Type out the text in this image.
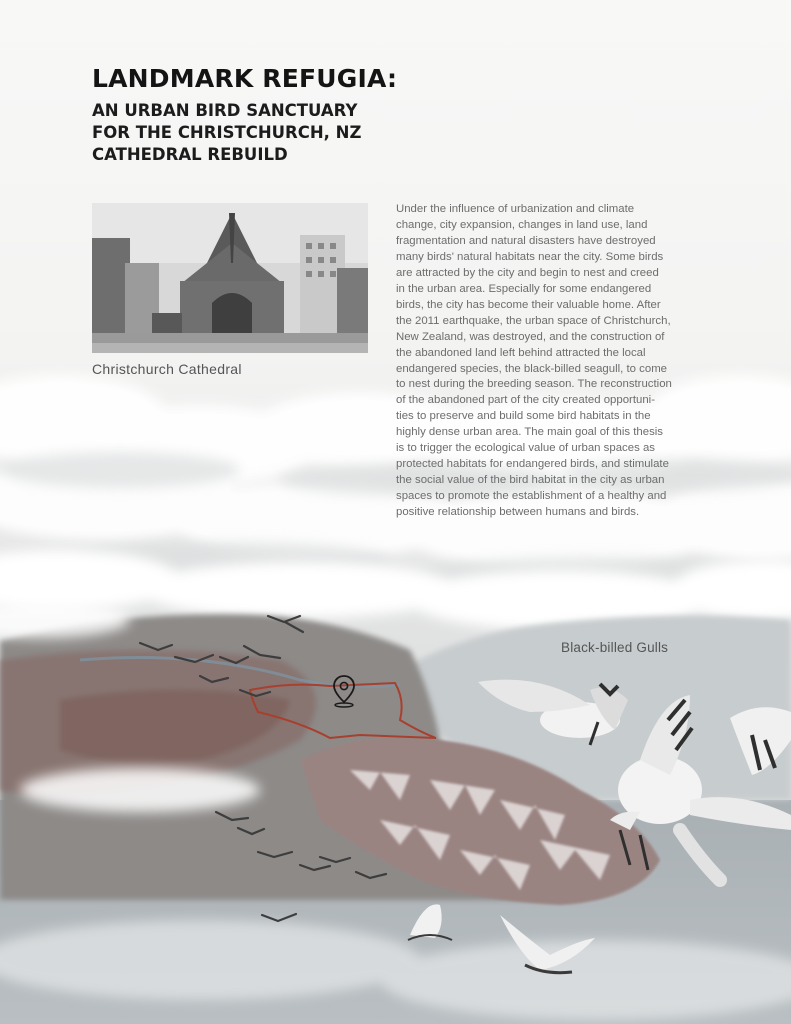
LANDMARK REFUGIA:
AN URBAN BIRD SANCTUARY
FOR THE CHRISTCHURCH, NZ
CATHEDRAL REBUILD

Christchurch Cathedral

Under the influence of urbanization and climate
change, city expansion, changes in land use, land
fragmentation and natural disasters have destroyed
many birds' natural habitats near the city. Some birds
are attracted by the city and begin to nest and creed
in the urban area. Especially for some endangered
birds, the city has become their valuable home. After
the 2011 earthquake, the urban space of Christchurch,
New Zealand, was destroyed, and the construction of
the abandoned land left behind attracted the local
endangered species, the black-billed seagull, to come
to nest during the breeding season. The reconstruction
of the abandoned part of the city created opportuni-
ties to preserve and build some bird habitats in the
highly dense urban area. The main goal of this thesis
is to trigger the ecological value of urban spaces as
protected habitats for endangered birds, and stimulate
the social value of the bird habitat in the city as urban
spaces to promote the establishment of a healthy and
positive relationship between humans and birds.

Black-billed Gulls
